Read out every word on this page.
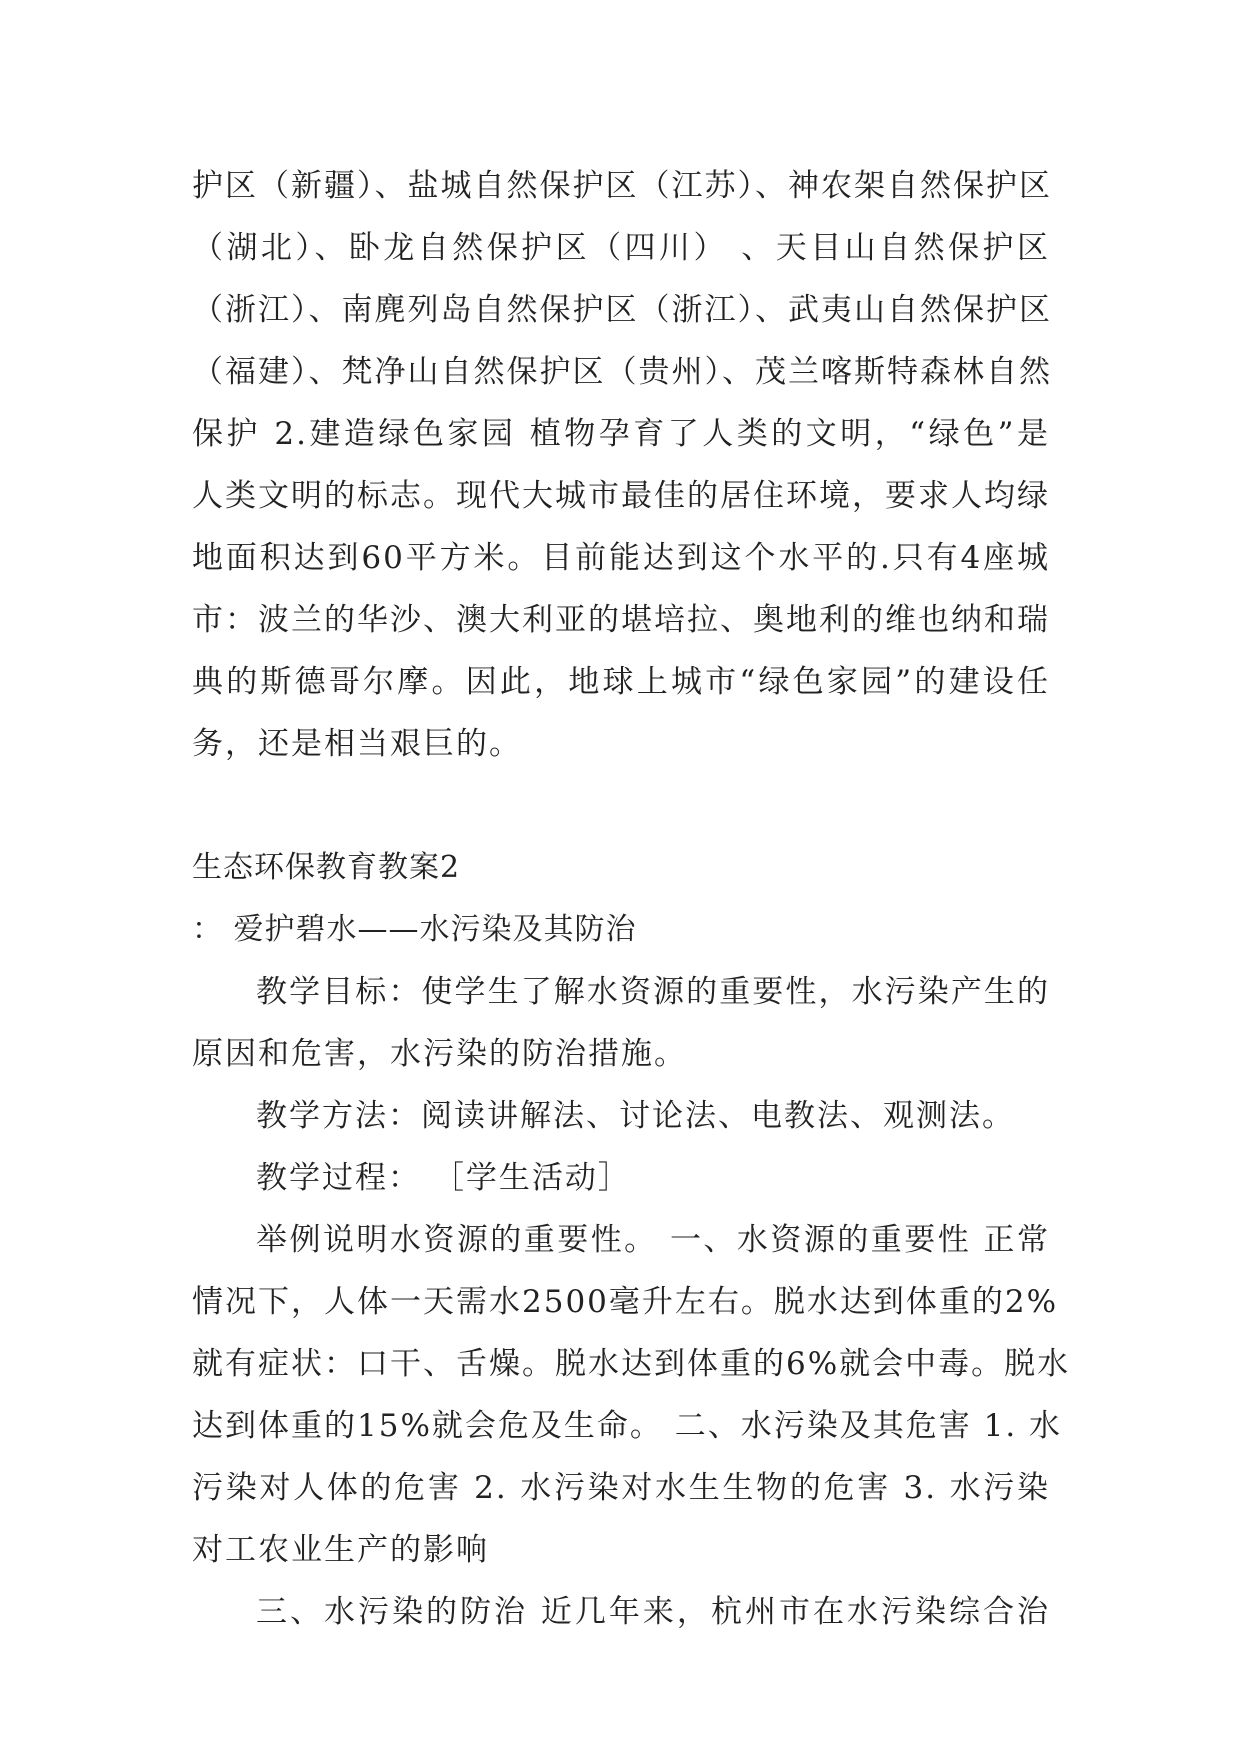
护区（新疆）、盐城自然保护区（江苏）、神农架自然保护区
（湖北）、卧龙自然保护区（四川） 、天目山自然保护区
（浙江）、南麂列岛自然保护区（浙江）、武夷山自然保护区
（福建）、梵净山自然保护区（贵州）、茂兰喀斯特森林自然
保护 2.建造绿色家园 植物孕育了人类的文明，“绿色”是
人类文明的标志。现代大城市最佳的居住环境，要求人均绿
地面积达到60平方米。目前能达到这个水平的.只有4座城
市：波兰的华沙、澳大利亚的堪培拉、奥地利的维也纳和瑞
典的斯德哥尔摩。因此，地球上城市“绿色家园”的建设任
务，还是相当艰巨的。
生态环保教育教案2
： 爱护碧水——水污染及其防治
教学目标：使学生了解水资源的重要性，水污染产生的
原因和危害，水污染的防治措施。
教学方法：阅读讲解法、讨论法、电教法、观测法。
教学过程： ［学生活动］
举例说明水资源的重要性。 一、水资源的重要性 正常
情况下，人体一天需水2500毫升左右。脱水达到体重的2%
就有症状：口干、舌燥。脱水达到体重的6%就会中毒。脱水
达到体重的15%就会危及生命。 二、水污染及其危害 1. 水
污染对人体的危害 2. 水污染对水生生物的危害 3. 水污染
对工农业生产的影响
三、水污染的防治 近几年来，杭州市在水污染综合治
